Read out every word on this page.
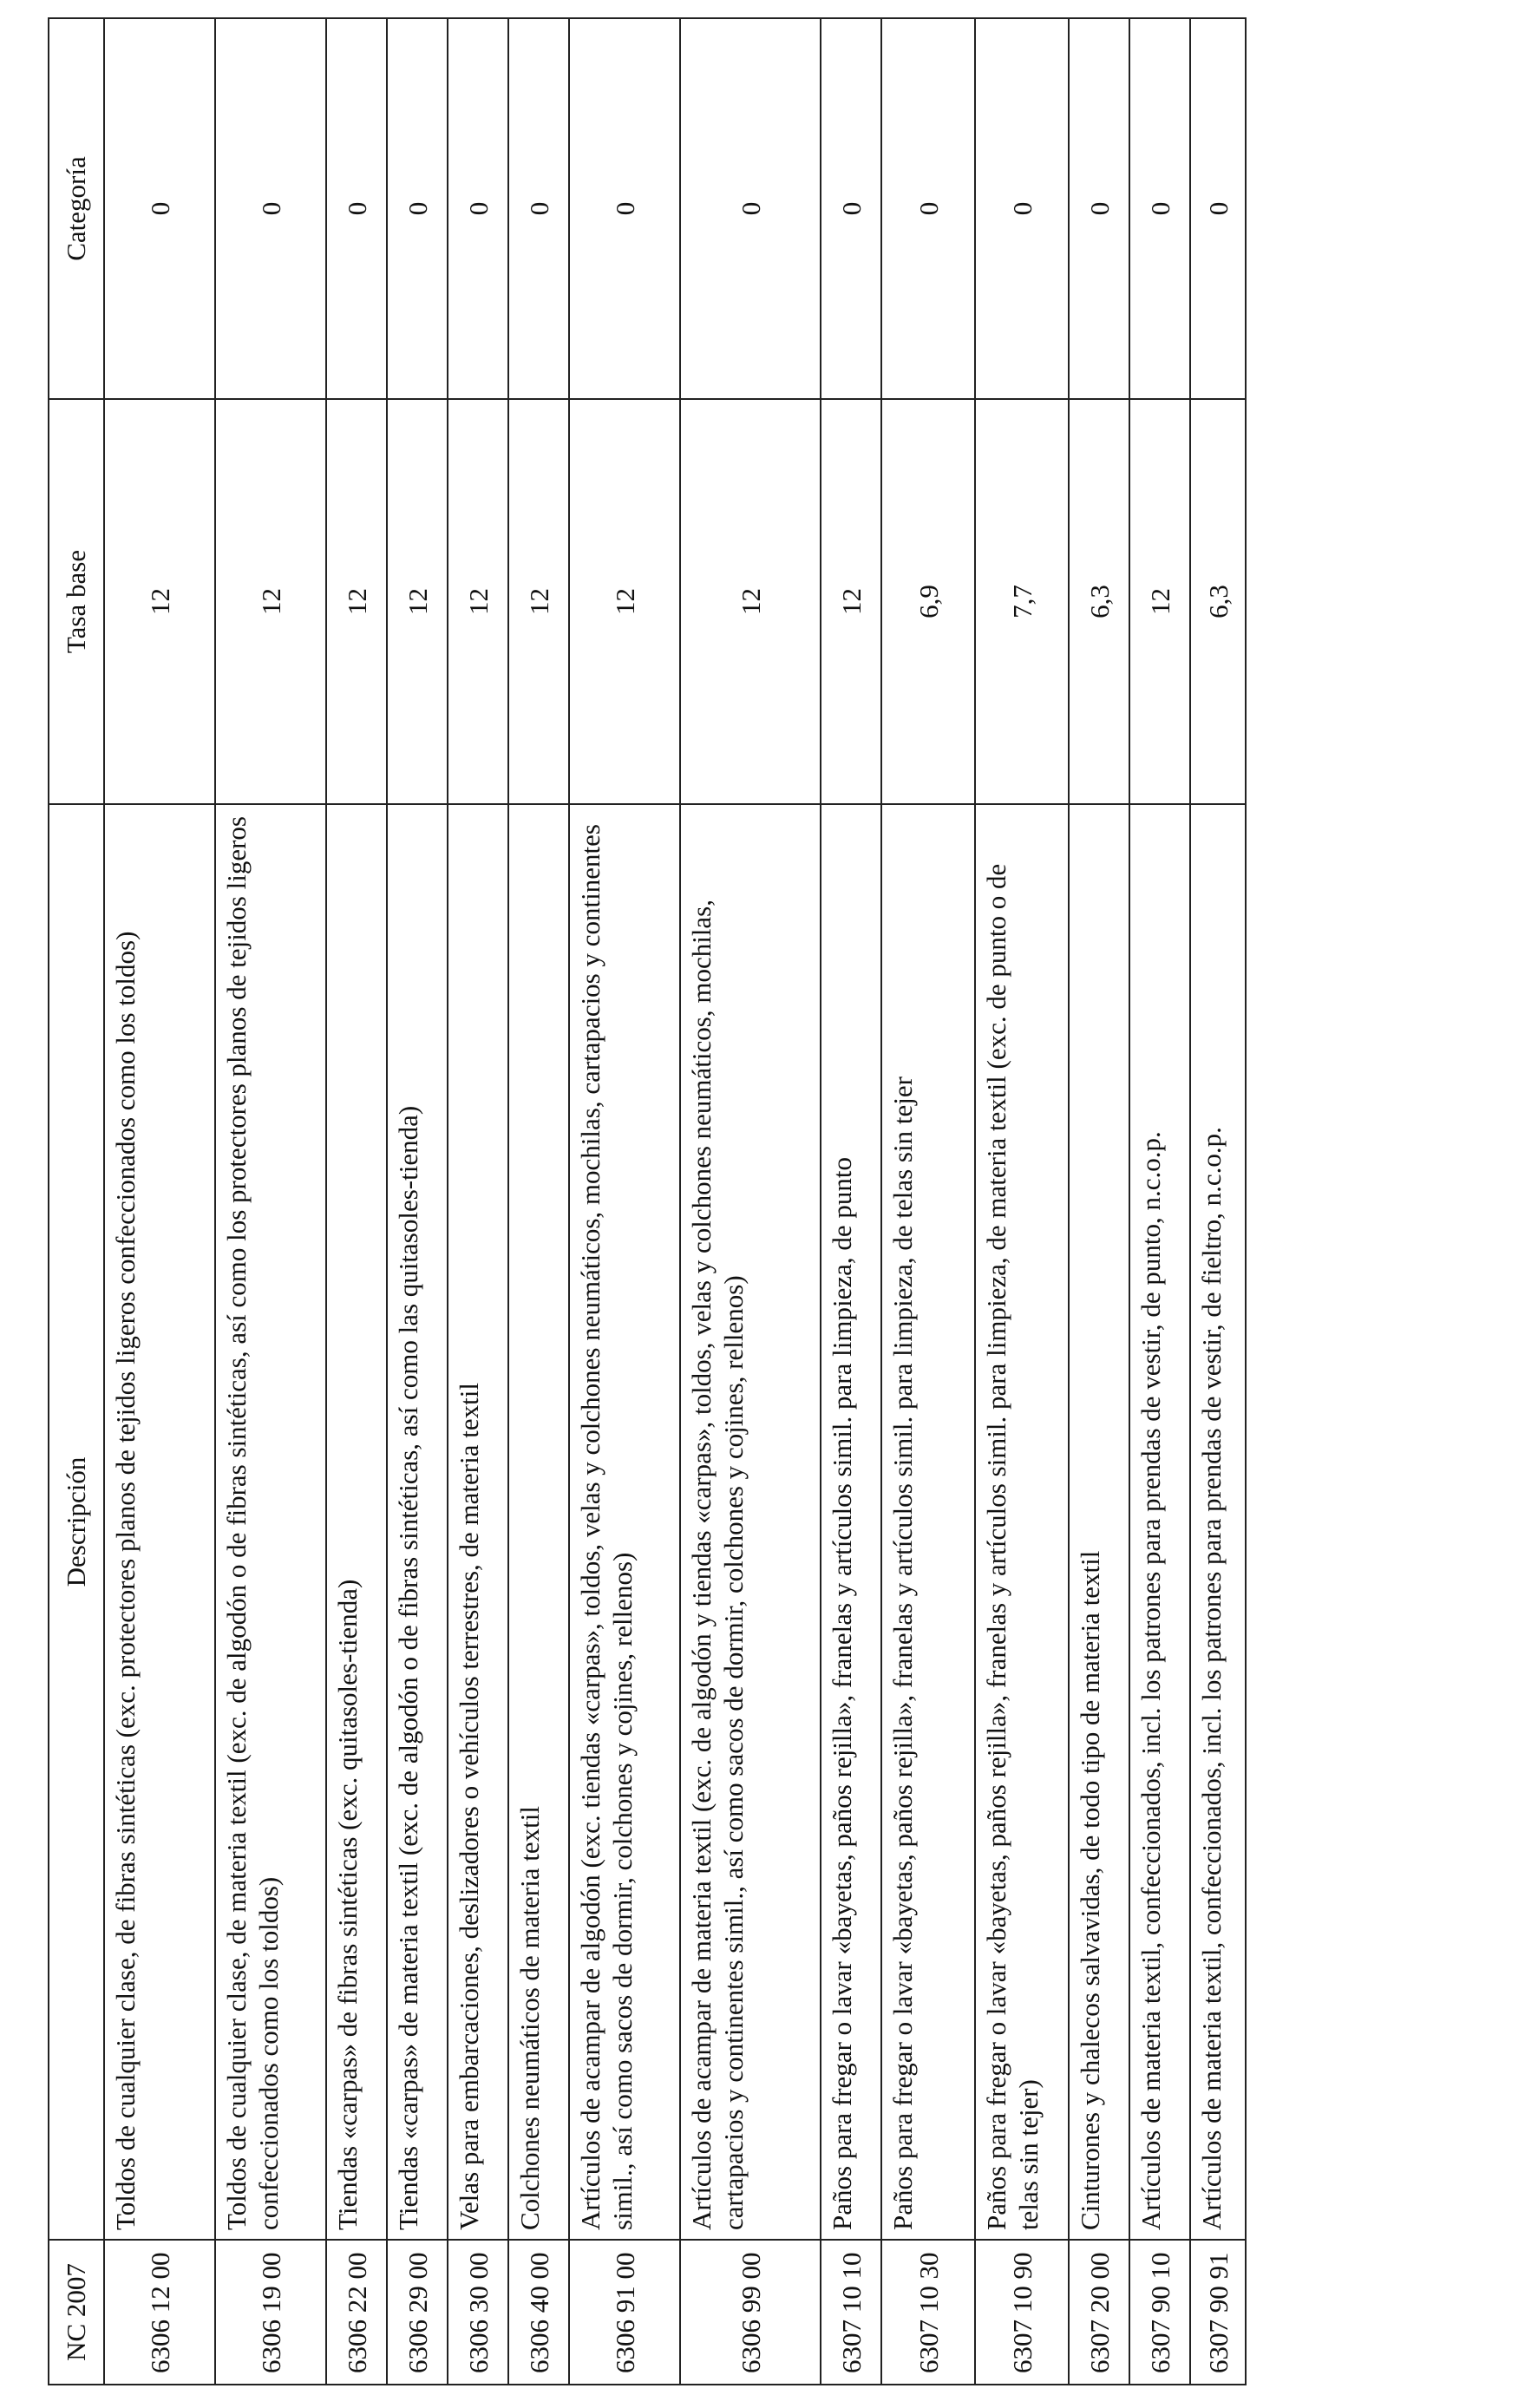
NC 2007	Descripción	Tasa base	Categoría
6306 12 00	Toldos de cualquier clase, de fibras sintéticas (exc. protectores planos de tejidos ligeros confeccionados como los toldos)	12	0
6306 19 00	Toldos de cualquier clase, de materia textil (exc. de algodón o de fibras sintéticas, así como los protectores planos de tejidos ligeros confeccionados como los toldos)	12	0
6306 22 00	Tiendas «carpas» de fibras sintéticas (exc. quitasoles-tienda)	12	0
6306 29 00	Tiendas «carpas» de materia textil (exc. de algodón o de fibras sintéticas, así como las quitasoles-tienda)	12	0
6306 30 00	Velas para embarcaciones, deslizadores o vehículos terrestres, de materia textil	12	0
6306 40 00	Colchones neumáticos de materia textil	12	0
6306 91 00	Artículos de acampar de algodón (exc. tiendas «carpas», toldos, velas y colchones neumáticos, mochilas, cartapacios y continentes simil., así como sacos de dormir, colchones y cojines, rellenos)	12	0
6306 99 00	Artículos de acampar de materia textil (exc. de algodón y tiendas «carpas», toldos, velas y colchones neumáticos, mochilas, cartapacios y continentes simil., así como sacos de dormir, colchones y cojines, rellenos)	12	0
6307 10 10	Paños para fregar o lavar «bayetas, paños rejilla», franelas y artículos simil. para limpieza, de punto	12	0
6307 10 30	Paños para fregar o lavar «bayetas, paños rejilla», franelas y artículos simil. para limpieza, de telas sin tejer	6,9	0
6307 10 90	Paños para fregar o lavar «bayetas, paños rejilla», franelas y artículos simil. para limpieza, de materia textil (exc. de punto o de telas sin tejer)	7,7	0
6307 20 00	Cinturones y chalecos salvavidas, de todo tipo de materia textil	6,3	0
6307 90 10	Artículos de materia textil, confeccionados, incl. los patrones para prendas de vestir, de punto, n.c.o.p.	12	0
6307 90 91	Artículos de materia textil, confeccionados, incl. los patrones para prendas de vestir, de fieltro, n.c.o.p.	6,3	0
